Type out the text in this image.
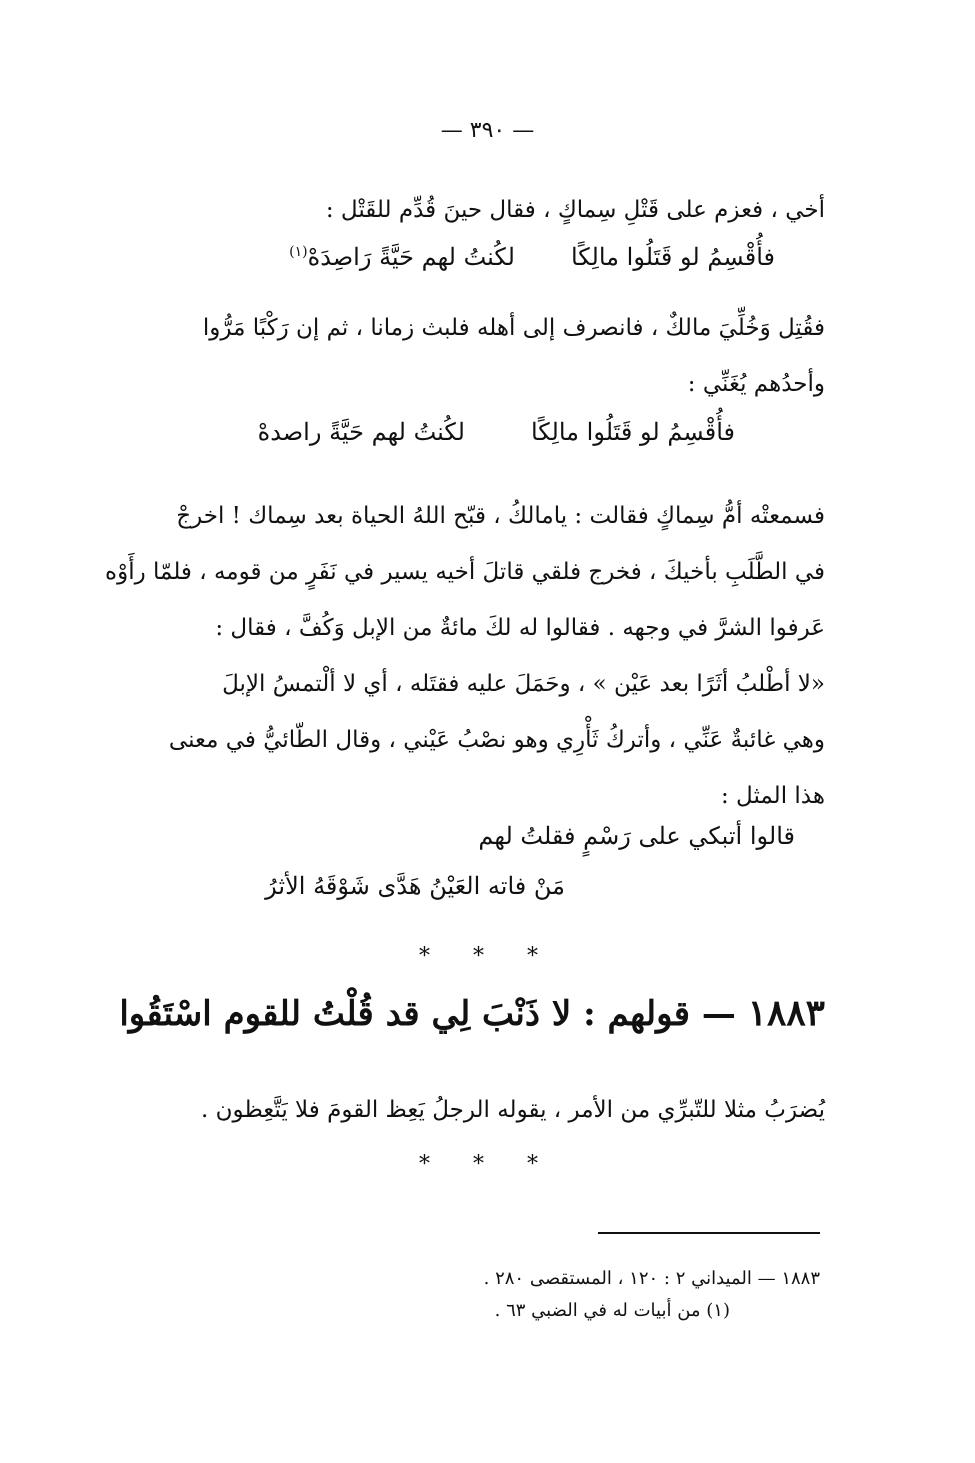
— ٣٩٠ —
أخي ، فعزم على قَتْلِ سِماكٍ ، فقال حينَ قُدِّم للقَتْل :
فأُقْسِمُ لو قَتَلُوا مالِكًا
لكُنتُ لهم حَيَّةً رَاصِدَهْ$^{(١)}$
فقُتِل وَخُلِّيَ مالكٌ ، فانصرف إلى أهله فلبث زمانا ، ثم إن رَكْبًا مَرُّوا
وأحدُهم يُغَنِّي :
فأُقْسِمُ لو قَتَلُوا مالِكًا
لكُنتُ لهم حَيَّةً راصدهْ
فسمعتْه أمُّ سِماكٍ فقالت : يامالكُ ، قبّح اللهُ الحياة بعد سِماك ! اخرجْ
في الطَّلَبِ بأخيكَ ، فخرج فلقي قاتلَ أخيه يسير في نَفَرٍ من قومه ، فلمّا رأَوْه
عَرفوا الشرَّ في وجهه . فقالوا له لكَ مائةٌ من الإبل وَكُفَّ ، فقال :
«لا أطْلبُ أثَرًا بعد عَيْن » ، وحَمَلَ عليه فقتَله ، أي لا ألْتمسُ الإبلَ
وهي غائبةٌ عَنِّي ، وأتركُ ثَأْرِي وهو نصْبُ عَيْني ، وقال الطّائيُّ في معنى
هذا المثل :
قالوا أتبكي على رَسْمٍ فقلتُ لهم
مَنْ فاته العَيْنُ هَدَّى شَوْقَهُ الأثرُ
* * *
١٨٨٣ — قولهم : لا ذَنْبَ لِي قد قُلْتُ للقوم اسْتَقُوا
يُضرَبُ مثلا للتّبرِّي من الأمر ، يقوله الرجلُ يَعِظ القومَ فلا يَتَّعِظون .
* * *
١٨٨٣ — الميداني ٢ : ١٢٠ ، المستقصى ٢٨٠ .
(١) من أبيات له في الضبي ٦٣ .
